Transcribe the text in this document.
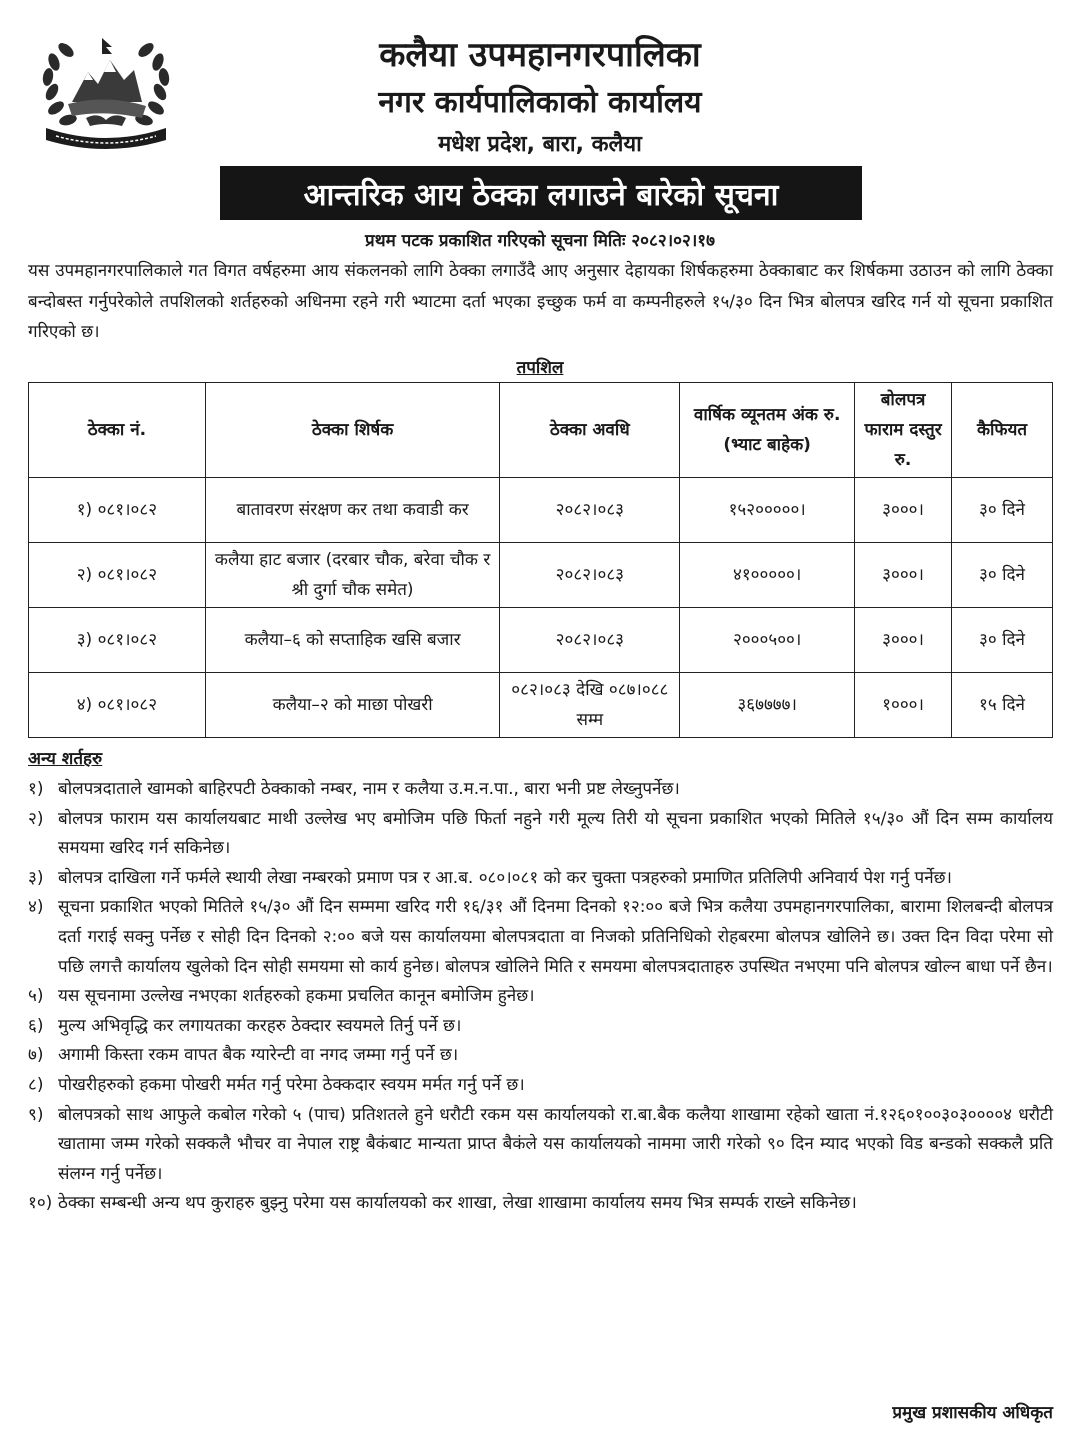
कलैया उपमहानगरपालिका
नगर कार्यपालिकाको कार्यालय
मधेश प्रदेश, बारा, कलैया
आन्तरिक आय ठेक्का लगाउने बारेको सूचना
प्रथम पटक प्रकाशित गरिएको सूचना मितिः २०८२।०२।१७
यस उपमहानगरपालिकाले गत विगत वर्षहरुमा आय संकलनको लागि ठेक्का लगाउँदै आए अनुसार देहायका शिर्षकहरुमा ठेक्काबाट कर शिर्षकमा उठाउन को लागि ठेक्का बन्दोबस्त गर्नुपरेकोले तपशिलको शर्तहरुको अधिनमा रहने गरी भ्याटमा दर्ता भएका इच्छुक फर्म वा कम्पनीहरुले १५/३० दिन भित्र बोलपत्र खरिद गर्न यो सूचना प्रकाशित गरिएको छ।
तपशिल
ठेक्का नं.	ठेक्का शिर्षक	ठेक्का अवधि	वार्षिक व्यूनतम अंक रु. (भ्याट बाहेक)	बोलपत्र फाराम दस्तुर रु.	कैफियत
१) ०८१।०८२	बातावरण संरक्षण कर तथा कवाडी कर	२०८२।०८३	१५२०००००।	३०००।	३० दिने
२) ०८१।०८२	कलैया हाट बजार (दरबार चौक, बरेवा चौक र श्री दुर्गा चौक समेत)	२०८२।०८३	४१०००००।	३०००।	३० दिने
३) ०८१।०८२	कलैया–६ को सप्ताहिक खसि बजार	२०८२।०८३	२०००५००।	३०००।	३० दिने
४) ०८१।०८२	कलैया–२ को माछा पोखरी	०८२।०८३ देखि ०८७।०८८ सम्म	३६७७७७।	१०००।	१५ दिने
अन्य शर्तहरु
१) बोलपत्रदाताले खामको बाहिरपटी ठेक्काको नम्बर, नाम र कलैया उ.म.न.पा., बारा भनी प्रष्ट लेख्नुपर्नेछ।
२) बोलपत्र फाराम यस कार्यालयबाट माथी उल्लेख भए बमोजिम पछि फिर्ता नहुने गरी मूल्य तिरी यो सूचना प्रकाशित भएको मितिले १५/३० औं दिन सम्म कार्यालय समयमा खरिद गर्न सकिनेछ।
३) बोलपत्र दाखिला गर्ने फर्मले स्थायी लेखा नम्बरको प्रमाण पत्र र आ.ब. ०८०।०८१ को कर चुक्ता पत्रहरुको प्रमाणित प्रतिलिपी अनिवार्य पेश गर्नु पर्नेछ।
४) सूचना प्रकाशित भएको मितिले १५/३० औं दिन सम्ममा खरिद गरी १६/३१ औं दिनमा दिनको १२:०० बजे भित्र कलैया उपमहानगरपालिका, बारामा शिलबन्दी बोलपत्र दर्ता गराई सक्नु पर्नेछ र सोही दिन दिनको २:०० बजे यस कार्यालयमा बोलपत्रदाता वा निजको प्रतिनिधिको रोहबरमा बोलपत्र खोलिने छ। उक्त दिन विदा परेमा सो पछि लगत्तै कार्यालय खुलेको दिन सोही समयमा सो कार्य हुनेछ। बोलपत्र खोलिने मिति र समयमा बोलपत्रदाताहरु उपस्थित नभएमा पनि बोलपत्र खोल्न बाधा पर्ने छैन।
५) यस सूचनामा उल्लेख नभएका शर्तहरुको हकमा प्रचलित कानून बमोजिम हुनेछ।
६) मुल्य अभिवृद्धि कर लगायतका करहरु ठेक्दार स्वयमले तिर्नु पर्ने छ।
७) अगामी किस्ता रकम वापत बैक ग्यारेन्टी वा नगद जम्मा गर्नु पर्ने छ।
८) पोखरीहरुको हकमा पोखरी मर्मत गर्नु परेमा ठेक्कदार स्वयम मर्मत गर्नु पर्ने छ।
९) बोलपत्रको साथ आफुले कबोल गरेको ५ (पाच) प्रतिशतले हुने धरौटी रकम यस कार्यालयको रा.बा.बैक कलैया शाखामा रहेको खाता नं.१२६०१००३०३००००४ धरौटी खातामा जम्म गरेको सक्कलै भौचर वा नेपाल राष्ट्र बैकंबाट मान्यता प्राप्त बैकंले यस कार्यालयको नाममा जारी गरेको ९० दिन म्याद भएको विड बन्डको सक्कलै प्रति संलग्न गर्नु पर्नेछ।
१०) ठेक्का सम्बन्धी अन्य थप कुराहरु बुझ्नु परेमा यस कार्यालयको कर शाखा, लेखा शाखामा कार्यालय समय भित्र सम्पर्क राख्ने सकिनेछ।
प्रमुख प्रशासकीय अधिकृत
